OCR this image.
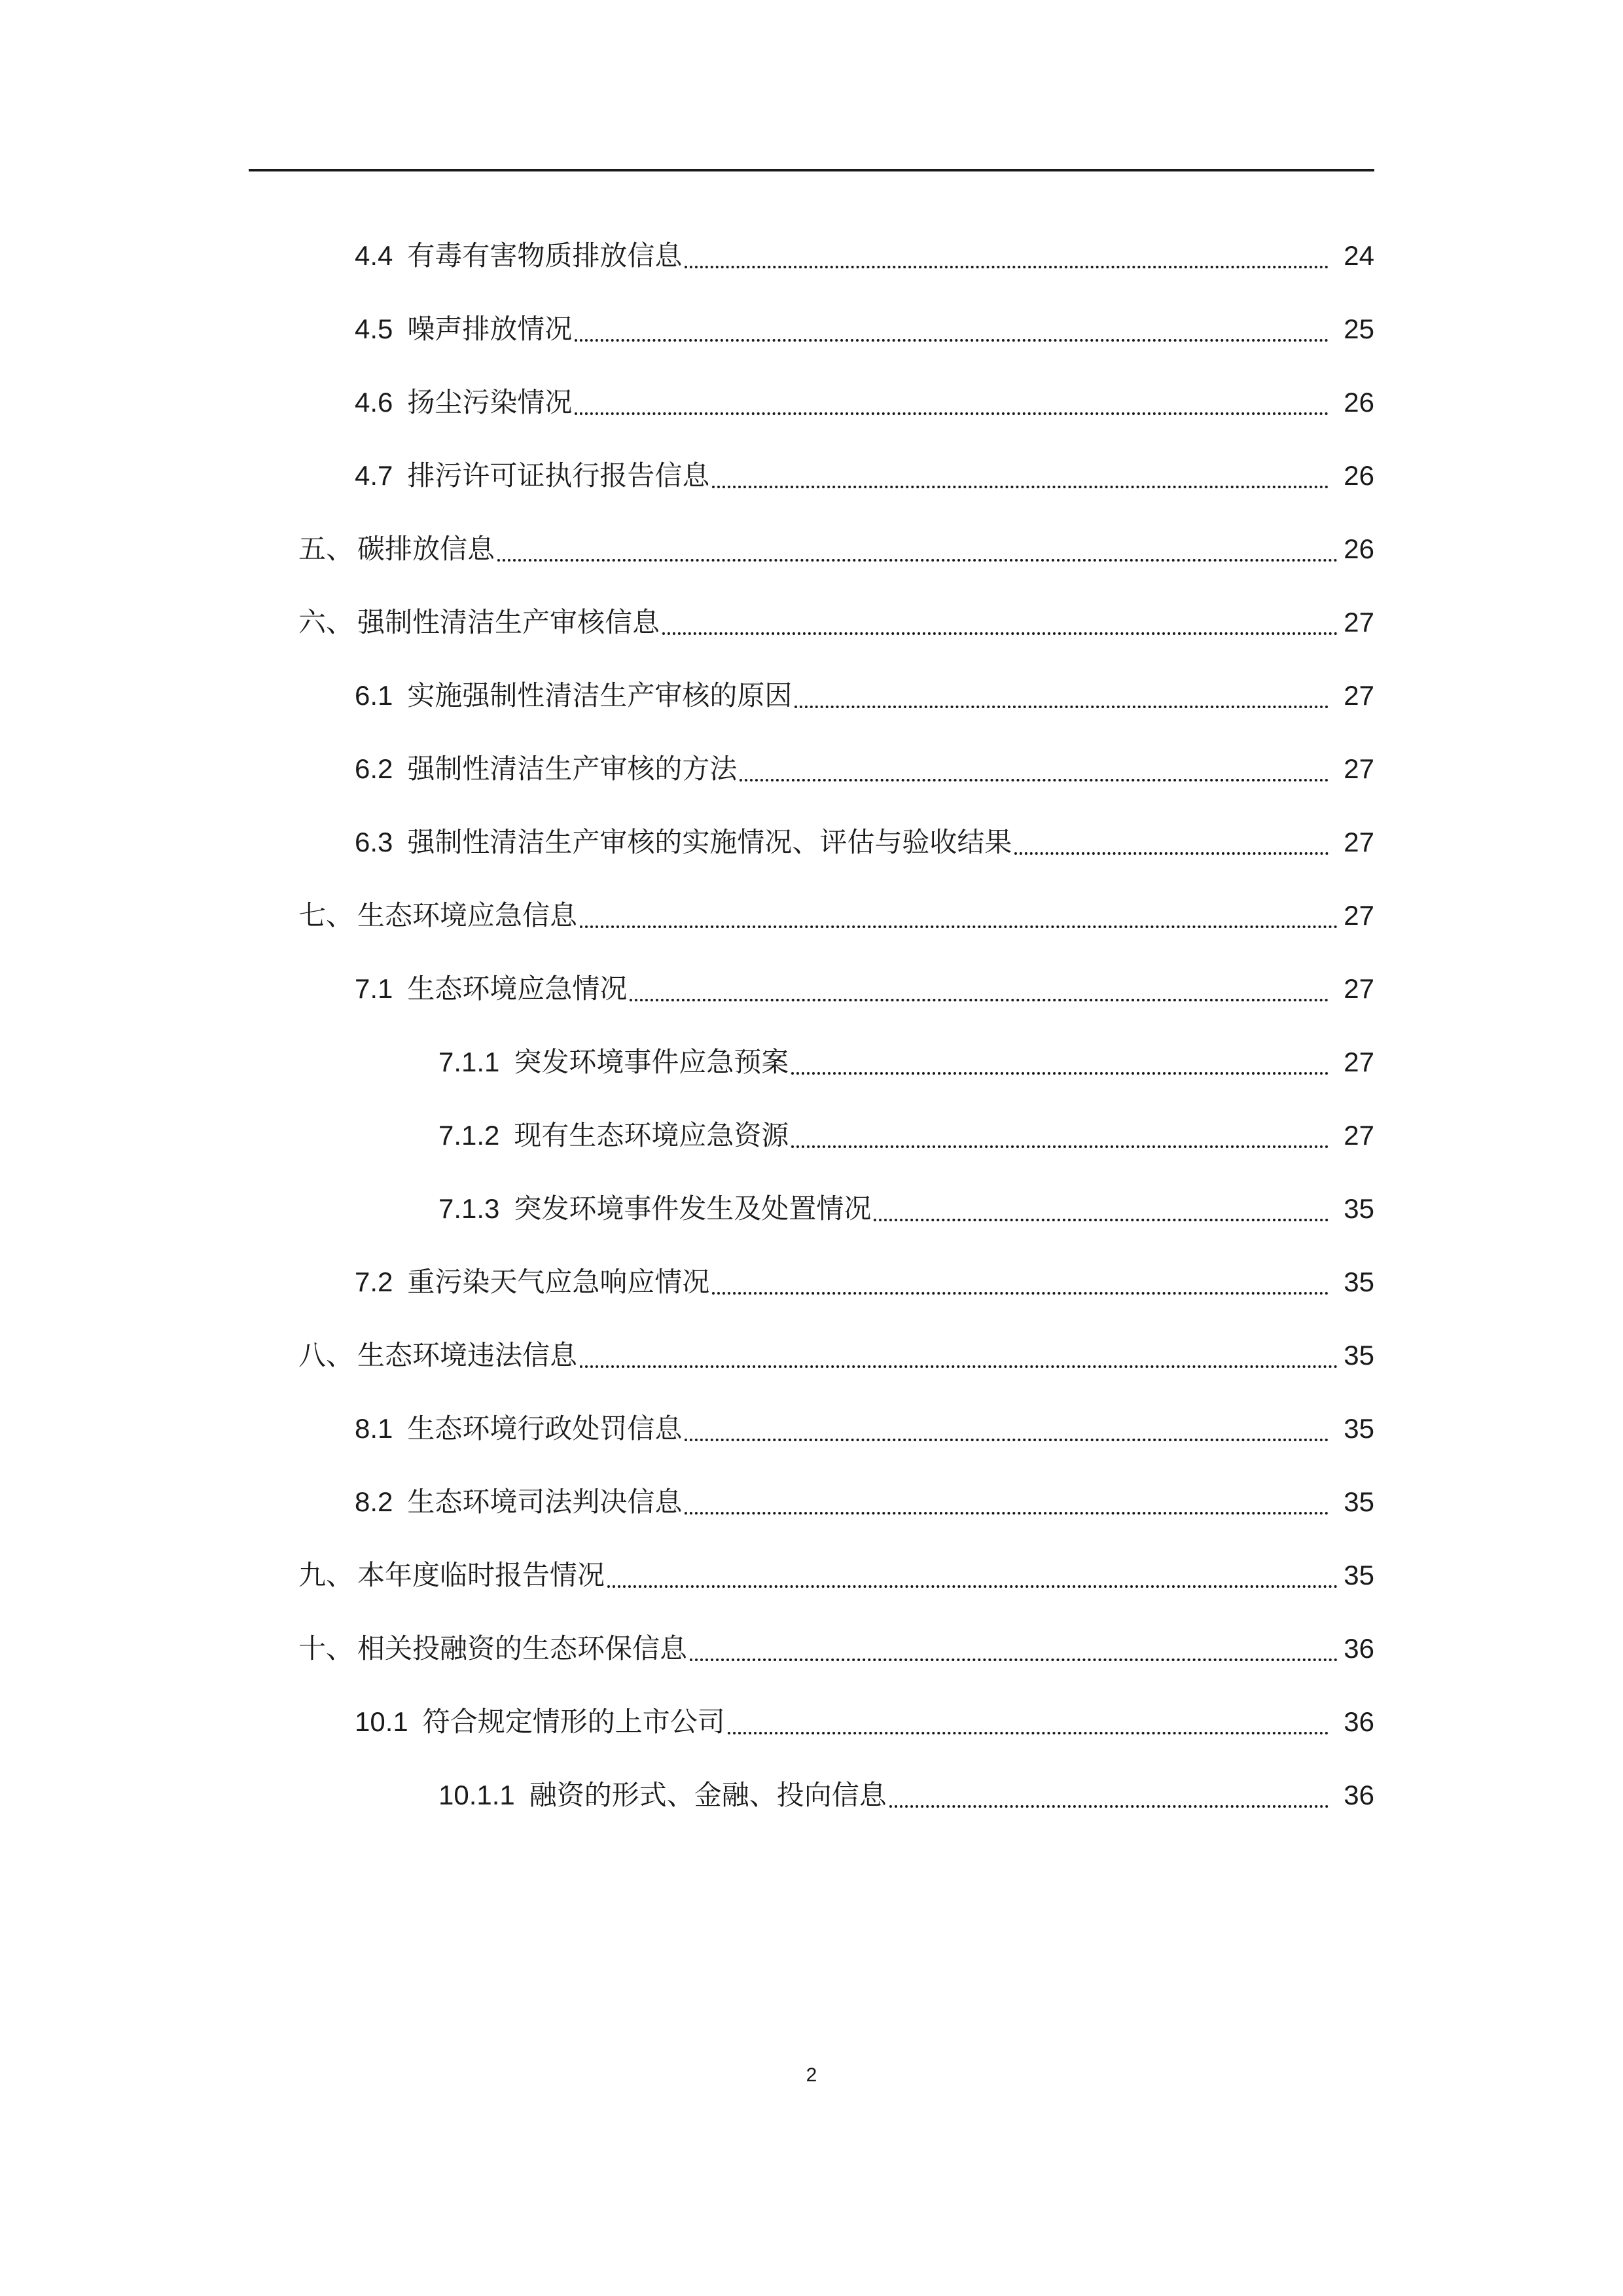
4.4 有毒有害物质排放信息	24
4.5 噪声排放情况	25
4.6 扬尘污染情况	26
4.7 排污许可证执行报告信息	26
五、 碳排放信息	26
六、 强制性清洁生产审核信息	27
6.1 实施强制性清洁生产审核的原因	27
6.2 强制性清洁生产审核的方法	27
6.3 强制性清洁生产审核的实施情况、评估与验收结果	27
七、 生态环境应急信息	27
7.1 生态环境应急情况	27
7.1.1 突发环境事件应急预案	27
7.1.2 现有生态环境应急资源	27
7.1.3 突发环境事件发生及处置情况	35
7.2 重污染天气应急响应情况	35
八、 生态环境违法信息	35
8.1 生态环境行政处罚信息	35
8.2 生态环境司法判决信息	35
九、 本年度临时报告情况	35
十、 相关投融资的生态环保信息	36
10.1 符合规定情形的上市公司	36
10.1.1 融资的形式、金融、投向信息	36
2
